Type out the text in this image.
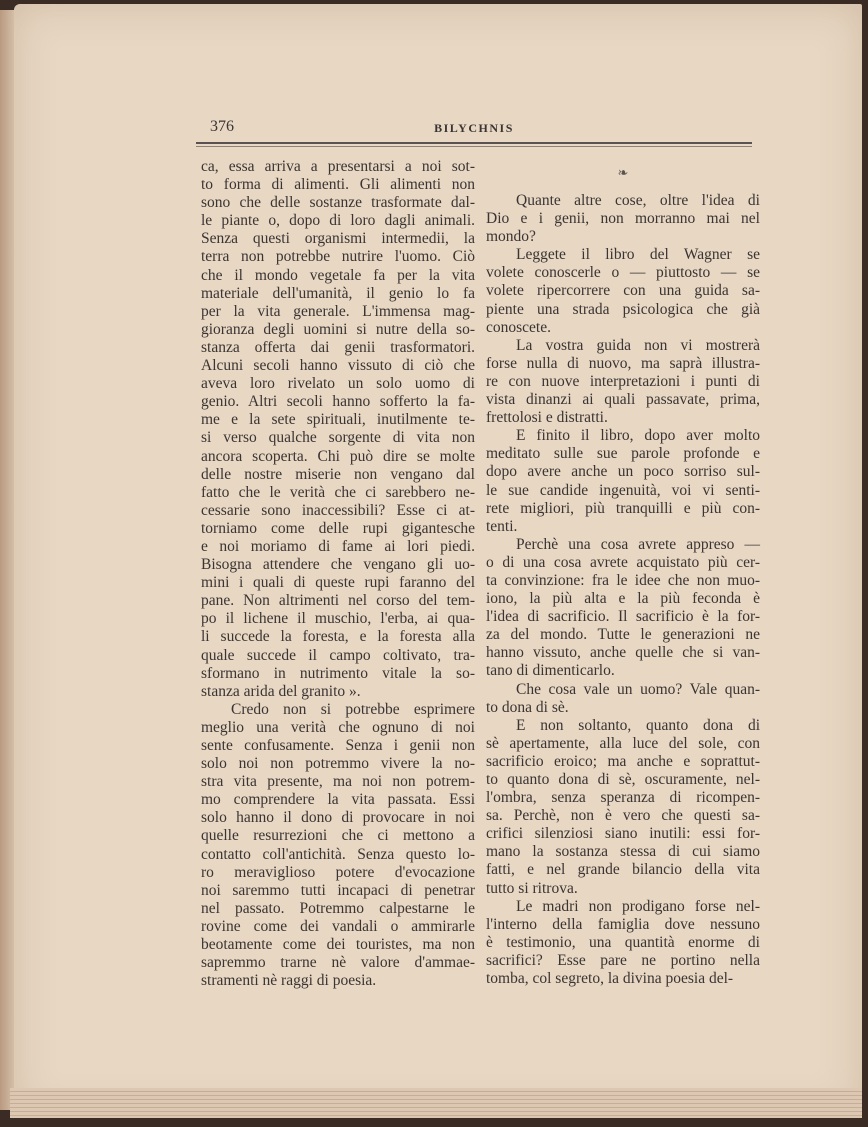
376	BILYCHNIS
ca, essa arriva a presentarsi a noi sot-
to forma di alimenti. Gli alimenti non
sono che delle sostanze trasformate dal-
le piante o, dopo di loro dagli animali.
Senza questi organismi intermedii, la
terra non potrebbe nutrire l'uomo. Ciò
che il mondo vegetale fa per la vita
materiale dell'umanità, il genio lo fa
per la vita generale. L'immensa mag-
gioranza degli uomini si nutre della so-
stanza offerta dai genii trasformatori.
Alcuni secoli hanno vissuto di ciò che
aveva loro rivelato un solo uomo di
genio. Altri secoli hanno sofferto la fa-
me e la sete spirituali, inutilmente te-
si verso qualche sorgente di vita non
ancora scoperta. Chi può dire se molte
delle nostre miserie non vengano dal
fatto che le verità che ci sarebbero ne-
cessarie sono inaccessibili? Esse ci at-
torniamo come delle rupi gigantesche
e noi moriamo di fame ai lori piedi.
Bisogna attendere che vengano gli uo-
mini i quali di queste rupi faranno del
pane. Non altrimenti nel corso del tem-
po il lichene il muschio, l'erba, ai qua-
li succede la foresta, e la foresta alla
quale succede il campo coltivato, tra-
sformano in nutrimento vitale la so-
stanza arida del granito ».
Credo non si potrebbe esprimere
meglio una verità che ognuno di noi
sente confusamente. Senza i genii non
solo noi non potremmo vivere la no-
stra vita presente, ma noi non potrem-
mo comprendere la vita passata. Essi
solo hanno il dono di provocare in noi
quelle resurrezioni che ci mettono a
contatto coll'antichità. Senza questo lo-
ro meraviglioso potere d'evocazione
noi saremmo tutti incapaci di penetrar
nel passato. Potremmo calpestarne le
rovine come dei vandali o ammirarle
beotamente come dei touristes, ma non
sapremmo trarne nè valore d'ammae-
stramenti nè raggi di poesia.
❧
Quante altre cose, oltre l'idea di
Dio e i genii, non morranno mai nel
mondo?
Leggete il libro del Wagner se
volete conoscerle o — piuttosto — se
volete ripercorrere con una guida sa-
piente una strada psicologica che già
conoscete.
La vostra guida non vi mostrerà
forse nulla di nuovo, ma saprà illustra-
re con nuove interpretazioni i punti di
vista dinanzi ai quali passavate, prima,
frettolosi e distratti.
E finito il libro, dopo aver molto
meditato sulle sue parole profonde e
dopo avere anche un poco sorriso sul-
le sue candide ingenuità, voi vi senti-
rete migliori, più tranquilli e più con-
tenti.
Perchè una cosa avrete appreso —
o di una cosa avrete acquistato più cer-
ta convinzione: fra le idee che non muo-
iono, la più alta e la più feconda è
l'idea di sacrificio. Il sacrificio è la for-
za del mondo. Tutte le generazioni ne
hanno vissuto, anche quelle che si van-
tano di dimenticarlo.
Che cosa vale un uomo? Vale quan-
to dona di sè.
E non soltanto, quanto dona di
sè apertamente, alla luce del sole, con
sacrificio eroico; ma anche e soprattut-
to quanto dona di sè, oscuramente, nel-
l'ombra, senza speranza di ricompen-
sa. Perchè, non è vero che questi sa-
crifici silenziosi siano inutili: essi for-
mano la sostanza stessa di cui siamo
fatti, e nel grande bilancio della vita
tutto si ritrova.
Le madri non prodigano forse nel-
l'interno della famiglia dove nessuno
è testimonio, una quantità enorme di
sacrifici? Esse pare ne portino nella
tomba, col segreto, la divina poesia del-
